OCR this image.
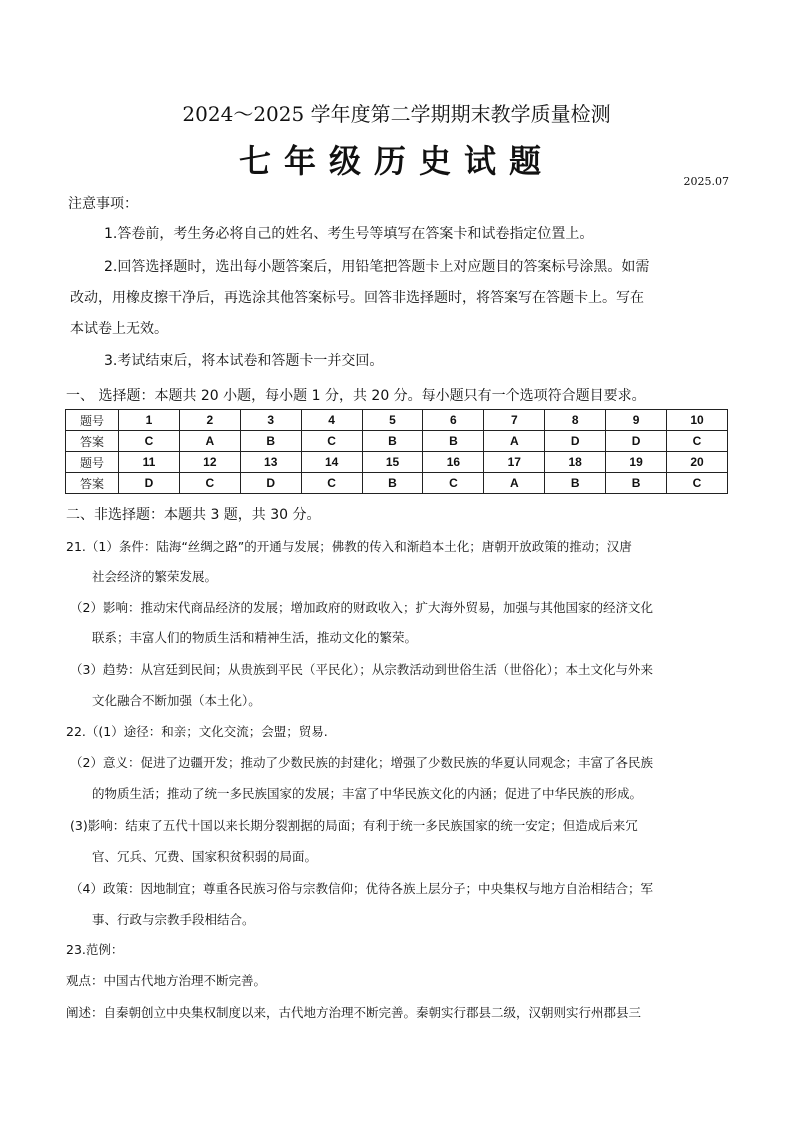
2024～2025 学年度第二学期期末教学质量检测
七年级历史试题
2025.07
注意事项：
1.答卷前，考生务必将自己的姓名、考生号等填写在答案卡和试卷指定位置上。
2.回答选择题时，选出每小题答案后，用铅笔把答题卡上对应题目的答案标号涂黑。如需
改动，用橡皮擦干净后，再选涂其他答案标号。回答非选择题时，将答案写在答题卡上。写在
本试卷上无效。
3.考试结束后，将本试卷和答题卡一并交回。
一、 选择题：本题共 20 小题，每小题 1 分，共 20 分。每小题只有一个选项符合题目要求。
题号	1	2	3	4	5	6	7	8	9	10
答案	C	A	B	C	B	B	A	D	D	C
题号	11	12	13	14	15	16	17	18	19	20
答案	D	C	D	C	B	C	A	B	B	C
二、非选择题：本题共 3 题，共 30 分。
21.（1）条件：陆海“丝绸之路”的开通与发展；佛教的传入和渐趋本土化；唐朝开放政策的推动；汉唐
社会经济的繁荣发展。
（2）影响：推动宋代商品经济的发展；增加政府的财政收入；扩大海外贸易，加强与其他国家的经济文化
联系；丰富人们的物质生活和精神生活，推动文化的繁荣。
（3）趋势：从宫廷到民间；从贵族到平民（平民化）；从宗教活动到世俗生活（世俗化）；本土文化与外来
文化融合不断加强（本土化）。
22.（(1）途径：和亲；文化交流；会盟；贸易.
（2）意义：促进了边疆开发；推动了少数民族的封建化；增强了少数民族的华夏认同观念；丰富了各民族
的物质生活；推动了统一多民族国家的发展；丰富了中华民族文化的内涵；促进了中华民族的形成。
(3)影响：结束了五代十国以来长期分裂割据的局面；有利于统一多民族国家的统一安定；但造成后来冗
官、冗兵、冗费、国家积贫积弱的局面。
（4）政策：因地制宜；尊重各民族习俗与宗教信仰；优待各族上层分子；中央集权与地方自治相结合；军
事、行政与宗教手段相结合。
23.范例：
观点：中国古代地方治理不断完善。
阐述：自秦朝创立中央集权制度以来，古代地方治理不断完善。秦朝实行郡县二级，汉朝则实行州郡县三
